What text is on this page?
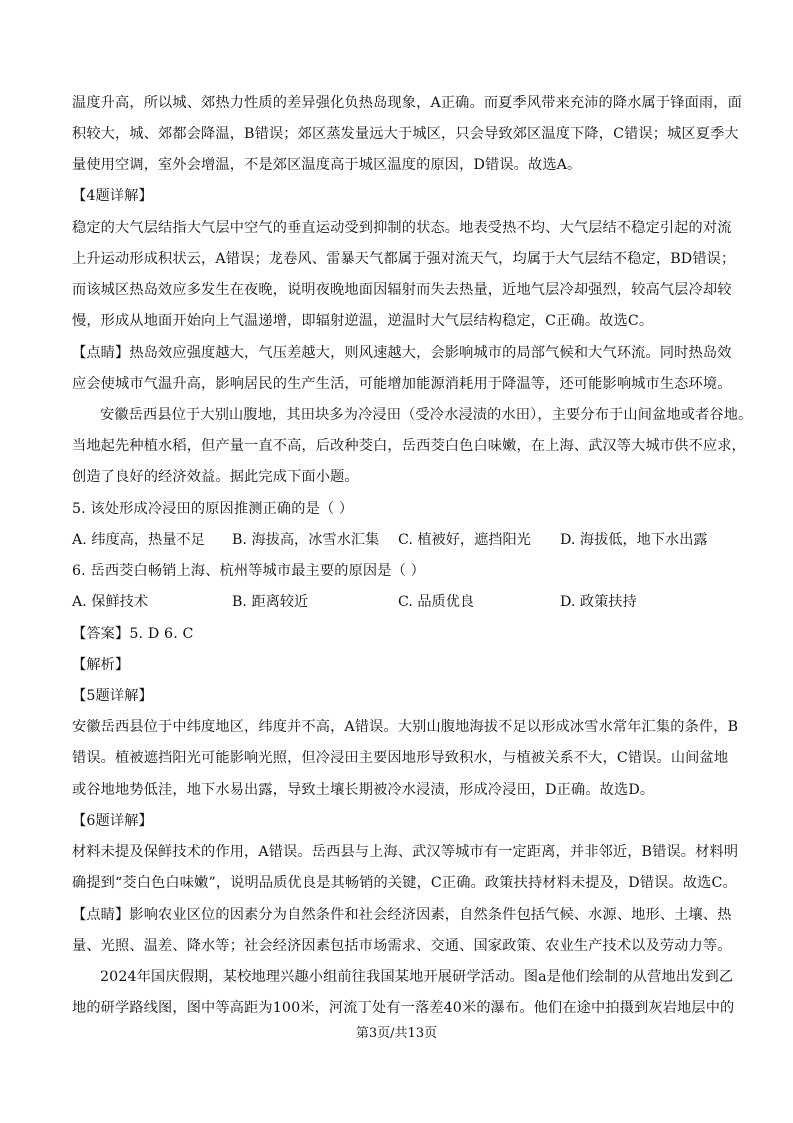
温度升高，所以城、郊热力性质的差异强化负热岛现象，A正确。而夏季风带来充沛的降水属于锋面雨，面
积较大，城、郊都会降温，B错误；郊区蒸发量远大于城区，只会导致郊区温度下降，C错误；城区夏季大
量使用空调，室外会增温，不是郊区温度高于城区温度的原因，D错误。故选A。
【4题详解】
稳定的大气层结指大气层中空气的垂直运动受到抑制的状态。地表受热不均、大气层结不稳定引起的对流
上升运动形成积状云，A错误；龙卷风、雷暴天气都属于强对流天气，均属于大气层结不稳定，BD错误；
而该城区热岛效应多发生在夜晚，说明夜晚地面因辐射而失去热量，近地气层冷却强烈，较高气层冷却较
慢，形成从地面开始向上气温递增，即辐射逆温，逆温时大气层结构稳定，C正确。故选C。
【点睛】热岛效应强度越大，气压差越大，则风速越大，会影响城市的局部气候和大气环流。同时热岛效
应会使城市气温升高，影响居民的生产生活，可能增加能源消耗用于降温等，还可能影响城市生态环境。
安徽岳西县位于大别山腹地，其田块多为冷浸田（受冷水浸渍的水田），主要分布于山间盆地或者谷地。
当地起先种植水稻，但产量一直不高，后改种茭白，岳西茭白色白味嫩，在上海、武汉等大城市供不应求，
创造了良好的经济效益。据此完成下面小题。
5. 该处形成冷浸田的原因推测正确的是（ ）
A. 纬度高，热量不足 B. 海拔高，冰雪水汇集 C. 植被好，遮挡阳光 D. 海拔低，地下水出露
6. 岳西茭白畅销上海、杭州等城市最主要的原因是（ ）
A. 保鲜技术	B. 距离较近	C. 品质优良	D. 政策扶持
【答案】5. D 6. C
【解析】
【5题详解】
安徽岳西县位于中纬度地区，纬度并不高，A错误。大别山腹地海拔不足以形成冰雪水常年汇集的条件，B
错误。植被遮挡阳光可能影响光照，但冷浸田主要因地形导致积水，与植被关系不大，C错误。山间盆地
或谷地地势低洼，地下水易出露，导致土壤长期被冷水浸渍，形成冷浸田，D正确。故选D。
【6题详解】
材料未提及保鲜技术的作用，A错误。岳西县与上海、武汉等城市有一定距离，并非邻近，B错误。材料明
确提到“茭白色白味嫩”，说明品质优良是其畅销的关键，C正确。政策扶持材料未提及，D错误。故选C。
【点睛】影响农业区位的因素分为自然条件和社会经济因素，自然条件包括气候、水源、地形、土壤、热
量、光照、温差、降水等；社会经济因素包括市场需求、交通、国家政策、农业生产技术以及劳动力等。
2024年国庆假期，某校地理兴趣小组前往我国某地开展研学活动。图a是他们绘制的从营地出发到乙
地的研学路线图，图中等高距为100米，河流丁处有一落差40米的瀑布。他们在途中拍摄到灰岩地层中的
第3页/共13页
